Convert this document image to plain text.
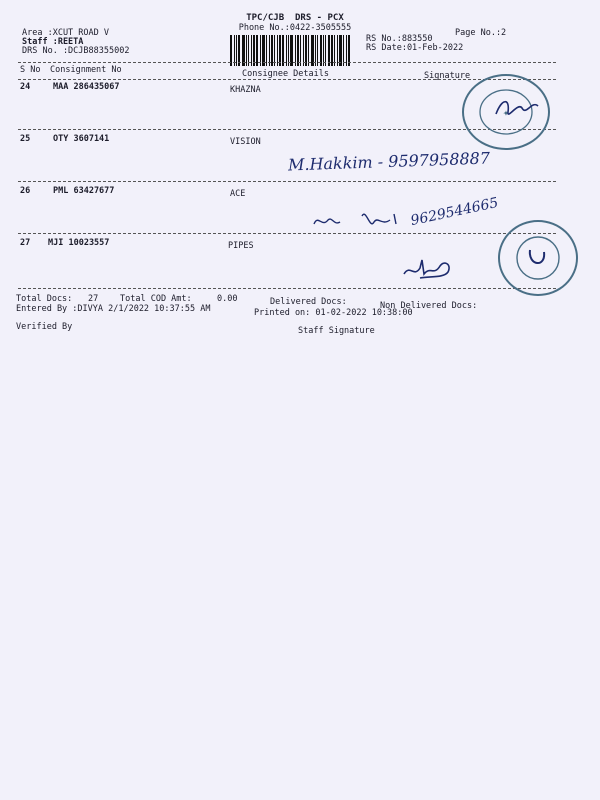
TPC/CJB  DRS - PCX
Phone No.:0422-3505555	Page No.:2
Area :XCUT ROAD V
Staff :REETA
DRS No. :DCJB88355002
RS No.:883550
RS Date:01-Feb-2022
S No Consignment No	Consignee Details	Signature
24	MAA 286435067	KHAZNA
25	OTY 3607141	VISION
26	PML 63427677	ACE
27 MJI 10023557	PIPES
Total Docs: 27	Total COD Amt:	0.00	Delivered Docs:	Non Delivered Docs:
Entered By :DIVYA 2/1/2022 10:37:55 AM	Printed on: 01-02-2022 10:38:00
Verified By	Staff Signature
✦
M.Hakkim - 9597958887
9629544665
